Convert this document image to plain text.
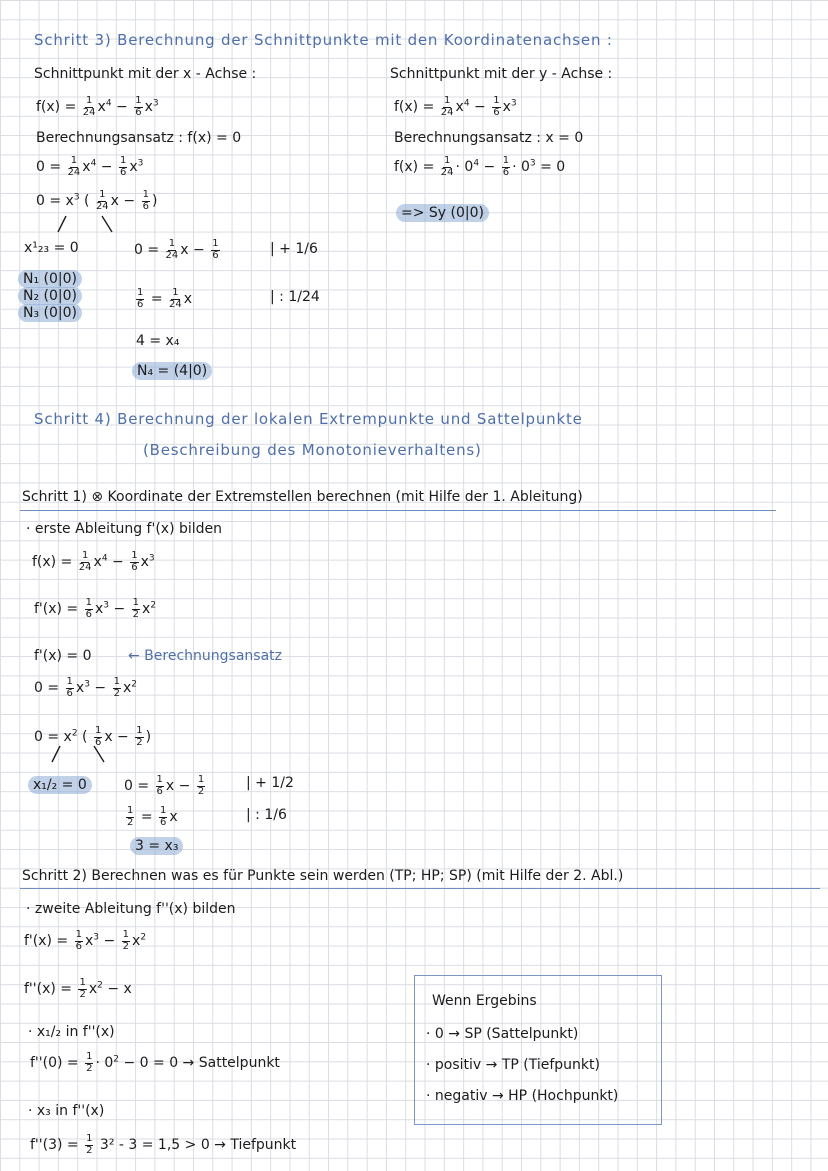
Schritt 3) Berechnung der Schnittpunkte mit den Koordinatenachsen :
Schnittpunkt mit der x - Achse :	Schnittpunkt mit der y - Achse :
$f(x) = \frac{1}{24} x^4 - \frac{1}{6} x^3$	$f(x) = \frac{1}{24} x^4 - \frac{1}{6} x^3$
Berechnungsansatz : f(x) = 0	Berechnungsansatz : x = 0
$0 = \frac{1}{24} x^4 - \frac{1}{6} x^3$	$f(x) = \frac{1}{24} \cdot 0^4 - \frac{1}{6} \cdot 0^3 = 0$
$0 = x^3$ ( $\frac{1}{24}$ $x - \frac{1}{6}$ )
=> Sy (0|0)
x¹₂₃ = 0	$0 = \frac{1}{24}$ $x - \frac{1}{6}$	| + 1/6
N₁ (0|0)
N₂ (0|0)
N₃ (0|0)
$\frac{1}{6} = \frac{1}{24}$ x	| : 1/24
4 = x₄
N₄ = (4|0)
Schritt 4) Berechnung der lokalen Extrempunkte und Sattelpunkte
(Beschreibung des Monotonieverhaltens)
Schritt 1) ⊗ Koordinate der Extremstellen berechnen (mit Hilfe der 1. Ableitung)
· erste Ableitung f'(x) bilden
$f(x) = \frac{1}{24} x^4 - \frac{1}{6} x^3$
$f'(x) = \frac{1}{6} x^3 - \frac{1}{2} x^2$
f'(x) = 0	← Berechnungsansatz
$0 = \frac{1}{6} x^3 - \frac{1}{2} x^2$
$0 = x^2$ ( $\frac{1}{6}$ $x - \frac{1}{2}$ )
x₁/₂ = 0	$0 = \frac{1}{6}$ $x - \frac{1}{2}$	| + 1/2
$\frac{1}{2} = \frac{1}{6}$ x	| : 1/6
3 = x₃
Schritt 2) Berechnen was es für Punkte sein werden (TP; HP; SP) (mit Hilfe der 2. Abl.)
· zweite Ableitung f''(x) bilden
$f'(x) = \frac{1}{6} x^3 - \frac{1}{2} x^2$
$f''(x) = \frac{1}{2} x^2 - x$
· x₁/₂ in f''(x)
$f''(0) = \frac{1}{2} \cdot 0^2 - 0 = 0$ → Sattelpunkt
· x₃ in f''(x)
$f''(3) = \frac{1}{2} 3^2 - 3 = 1,5 > 0$ → Tiefpunkt
Wenn Ergebins
· 0 → SP (Sattelpunkt)
· positiv → TP (Tiefpunkt)
· negativ → HP (Hochpunkt)
